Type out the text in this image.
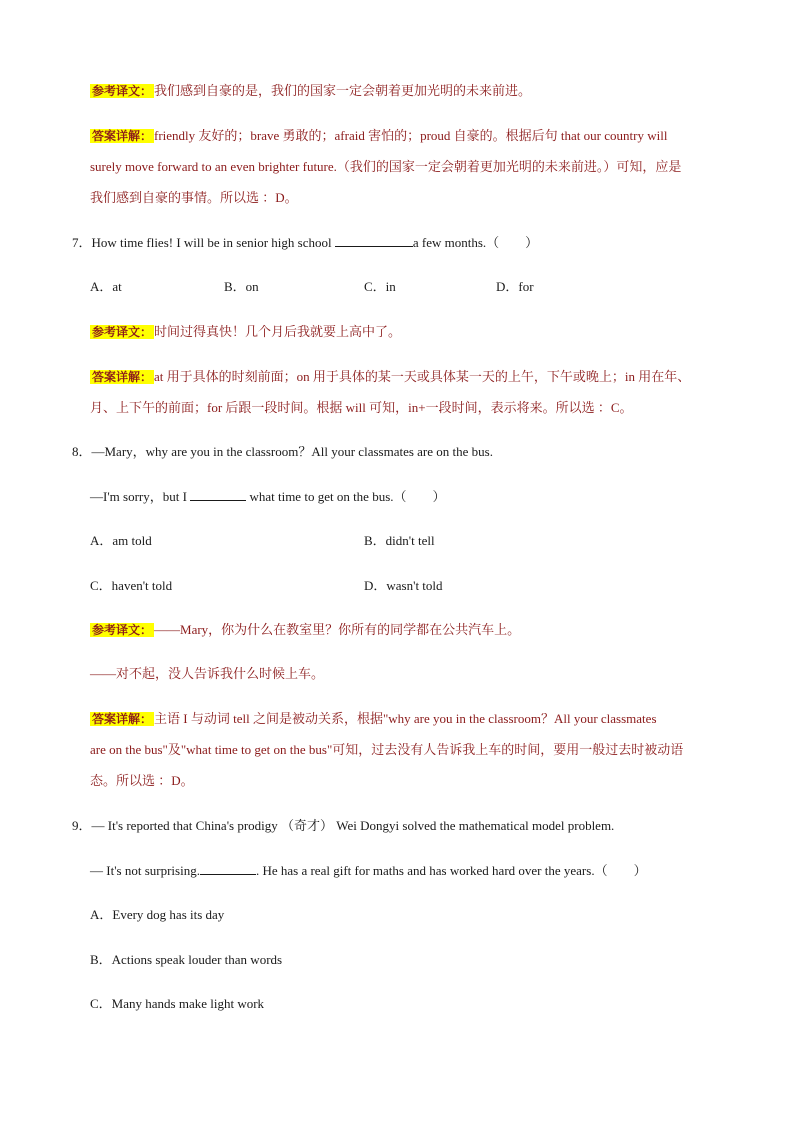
参考译文： 我们感到自豪的是，我们的国家一定会朝着更加光明的未来前进。
答案详解： friendly 友好的；brave 勇敢的；afraid 害怕的；proud 自豪的。根据后句 that our country will
surely move forward to an even brighter future.（我们的国家一定会朝着更加光明的未来前进。）可知，应是
我们感到自豪的事情。所以选 ：D。
7．How time flies! I will be in senior high school	a few months.（　　）
A．at	B．on	C．in	D．for
参考译文： 时间过得真快！几个月后我就要上高中了。
答案详解： at 用于具体的时刻前面；on 用于具体的某一天或具体某一天的上午，下午或晚上；in 用在年、
月、上下午的前面；for 后跟一段时间。根据 will 可知，in+一段时间，表示将来。所以选 ：C。
8．—Mary，why are you in the classroom？All your classmates are on the bus.
—I'm sorry，but I	what time to get on the bus.（　　）
A．am told	B．didn't tell
C．haven't told	D．wasn't told
参考译文： ——Mary，你为什么在教室里？你所有的同学都在公共汽车上。
——对不起，没人告诉我什么时候上车。
答案详解： 主语 I 与动词 tell 之间是被动关系，根据"why are you in the classroom？All your classmates
are on the bus"及"what time to get on the bus"可知，过去没有人告诉我上车的时间，要用一般过去时被动语
态。所以选 ：D。
9．— It's reported that China's prodigy （奇才） Wei Dongyi solved the mathematical model problem.
— It's not surprising.	. He has a real gift for maths and has worked hard over the years.（　　）
A．Every dog has its day
B．Actions speak louder than words
C．Many hands make light work
